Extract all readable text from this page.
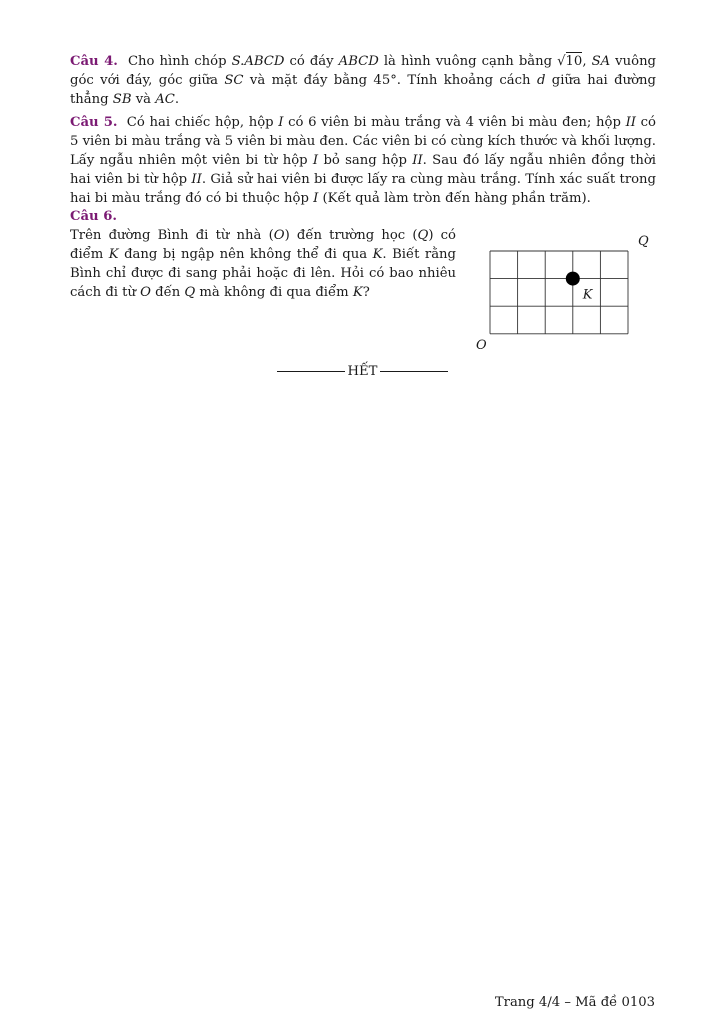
Câu 4. Cho hình chóp S.ABCD có đáy ABCD là hình vuông cạnh bằng √10, SA vuông góc với đáy, góc giữa SC và mặt đáy bằng 45°. Tính khoảng cách d giữa hai đường thẳng SB và AC.

Câu 5. Có hai chiếc hộp, hộp I có 6 viên bi màu trắng và 4 viên bi màu đen; hộp II có 5 viên bi màu trắng và 5 viên bi màu đen. Các viên bi có cùng kích thước và khối lượng. Lấy ngẫu nhiên một viên bi từ hộp I bỏ sang hộp II. Sau đó lấy ngẫu nhiên đồng thời hai viên bi từ hộp II. Giả sử hai viên bi được lấy ra cùng màu trắng. Tính xác suất trong hai bi màu trắng đó có bi thuộc hộp I (Kết quả làm tròn đến hàng phần trăm).

Câu 6.

Trên đường Bình đi từ nhà (O) đến trường học (Q) có điểm K đang bị ngập nên không thể đi qua K. Biết rằng Bình chỉ được đi sang phải hoặc đi lên. Hỏi có bao nhiêu cách đi từ O đến Q mà không đi qua điểm K?

Q
K
O
HẾT
Trang 4/4 – Mã đề 0103
